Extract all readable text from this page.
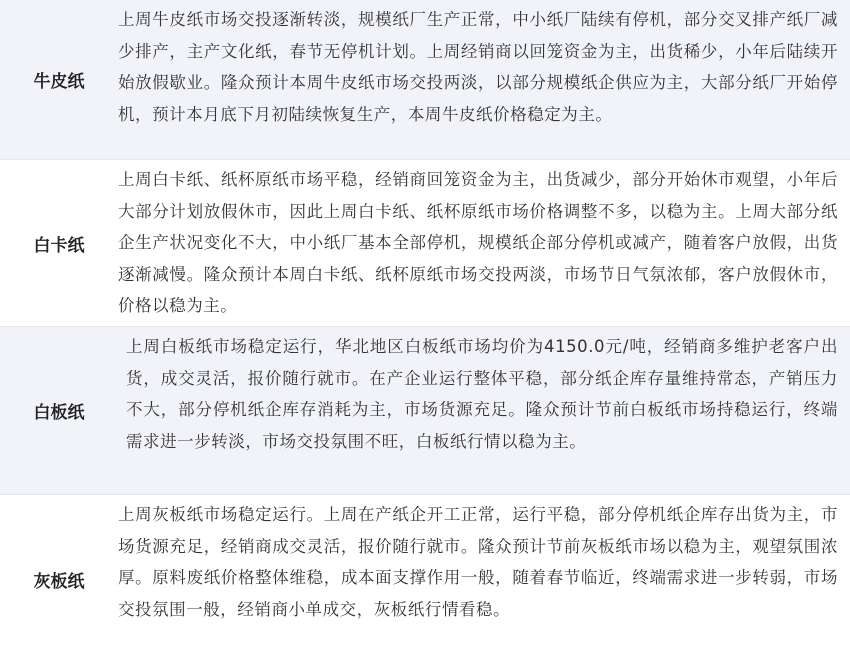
牛皮纸
上周牛皮纸市场交投逐渐转淡，规模纸厂生产正常，中小纸厂陆续有停机，部分交叉排产纸厂减少排产，主产文化纸，春节无停机计划。上周经销商以回笼资金为主，出货稀少，小年后陆续开始放假歇业。隆众预计本周牛皮纸市场交投两淡，以部分规模纸企供应为主，大部分纸厂开始停机，预计本月底下月初陆续恢复生产，本周牛皮纸价格稳定为主。
白卡纸
上周白卡纸、纸杯原纸市场平稳，经销商回笼资金为主，出货减少，部分开始休市观望，小年后大部分计划放假休市，因此上周白卡纸、纸杯原纸市场价格调整不多，以稳为主。上周大部分纸企生产状况变化不大，中小纸厂基本全部停机，规模纸企部分停机或减产，随着客户放假，出货逐渐减慢。隆众预计本周白卡纸、纸杯原纸市场交投两淡，市场节日气氛浓郁，客户放假休市，价格以稳为主。
白板纸
上周白板纸市场稳定运行，华北地区白板纸市场均价为4150.0元/吨，经销商多维护老客户出货，成交灵活，报价随行就市。在产企业运行整体平稳，部分纸企库存量维持常态，产销压力不大，部分停机纸企库存消耗为主，市场货源充足。隆众预计节前白板纸市场持稳运行，终端需求进一步转淡，市场交投氛围不旺，白板纸行情以稳为主。
灰板纸
上周灰板纸市场稳定运行。上周在产纸企开工正常，运行平稳，部分停机纸企库存出货为主，市场货源充足，经销商成交灵活，报价随行就市。隆众预计节前灰板纸市场以稳为主，观望氛围浓厚。原料废纸价格整体维稳，成本面支撑作用一般，随着春节临近，终端需求进一步转弱，市场交投氛围一般，经销商小单成交，灰板纸行情看稳。
